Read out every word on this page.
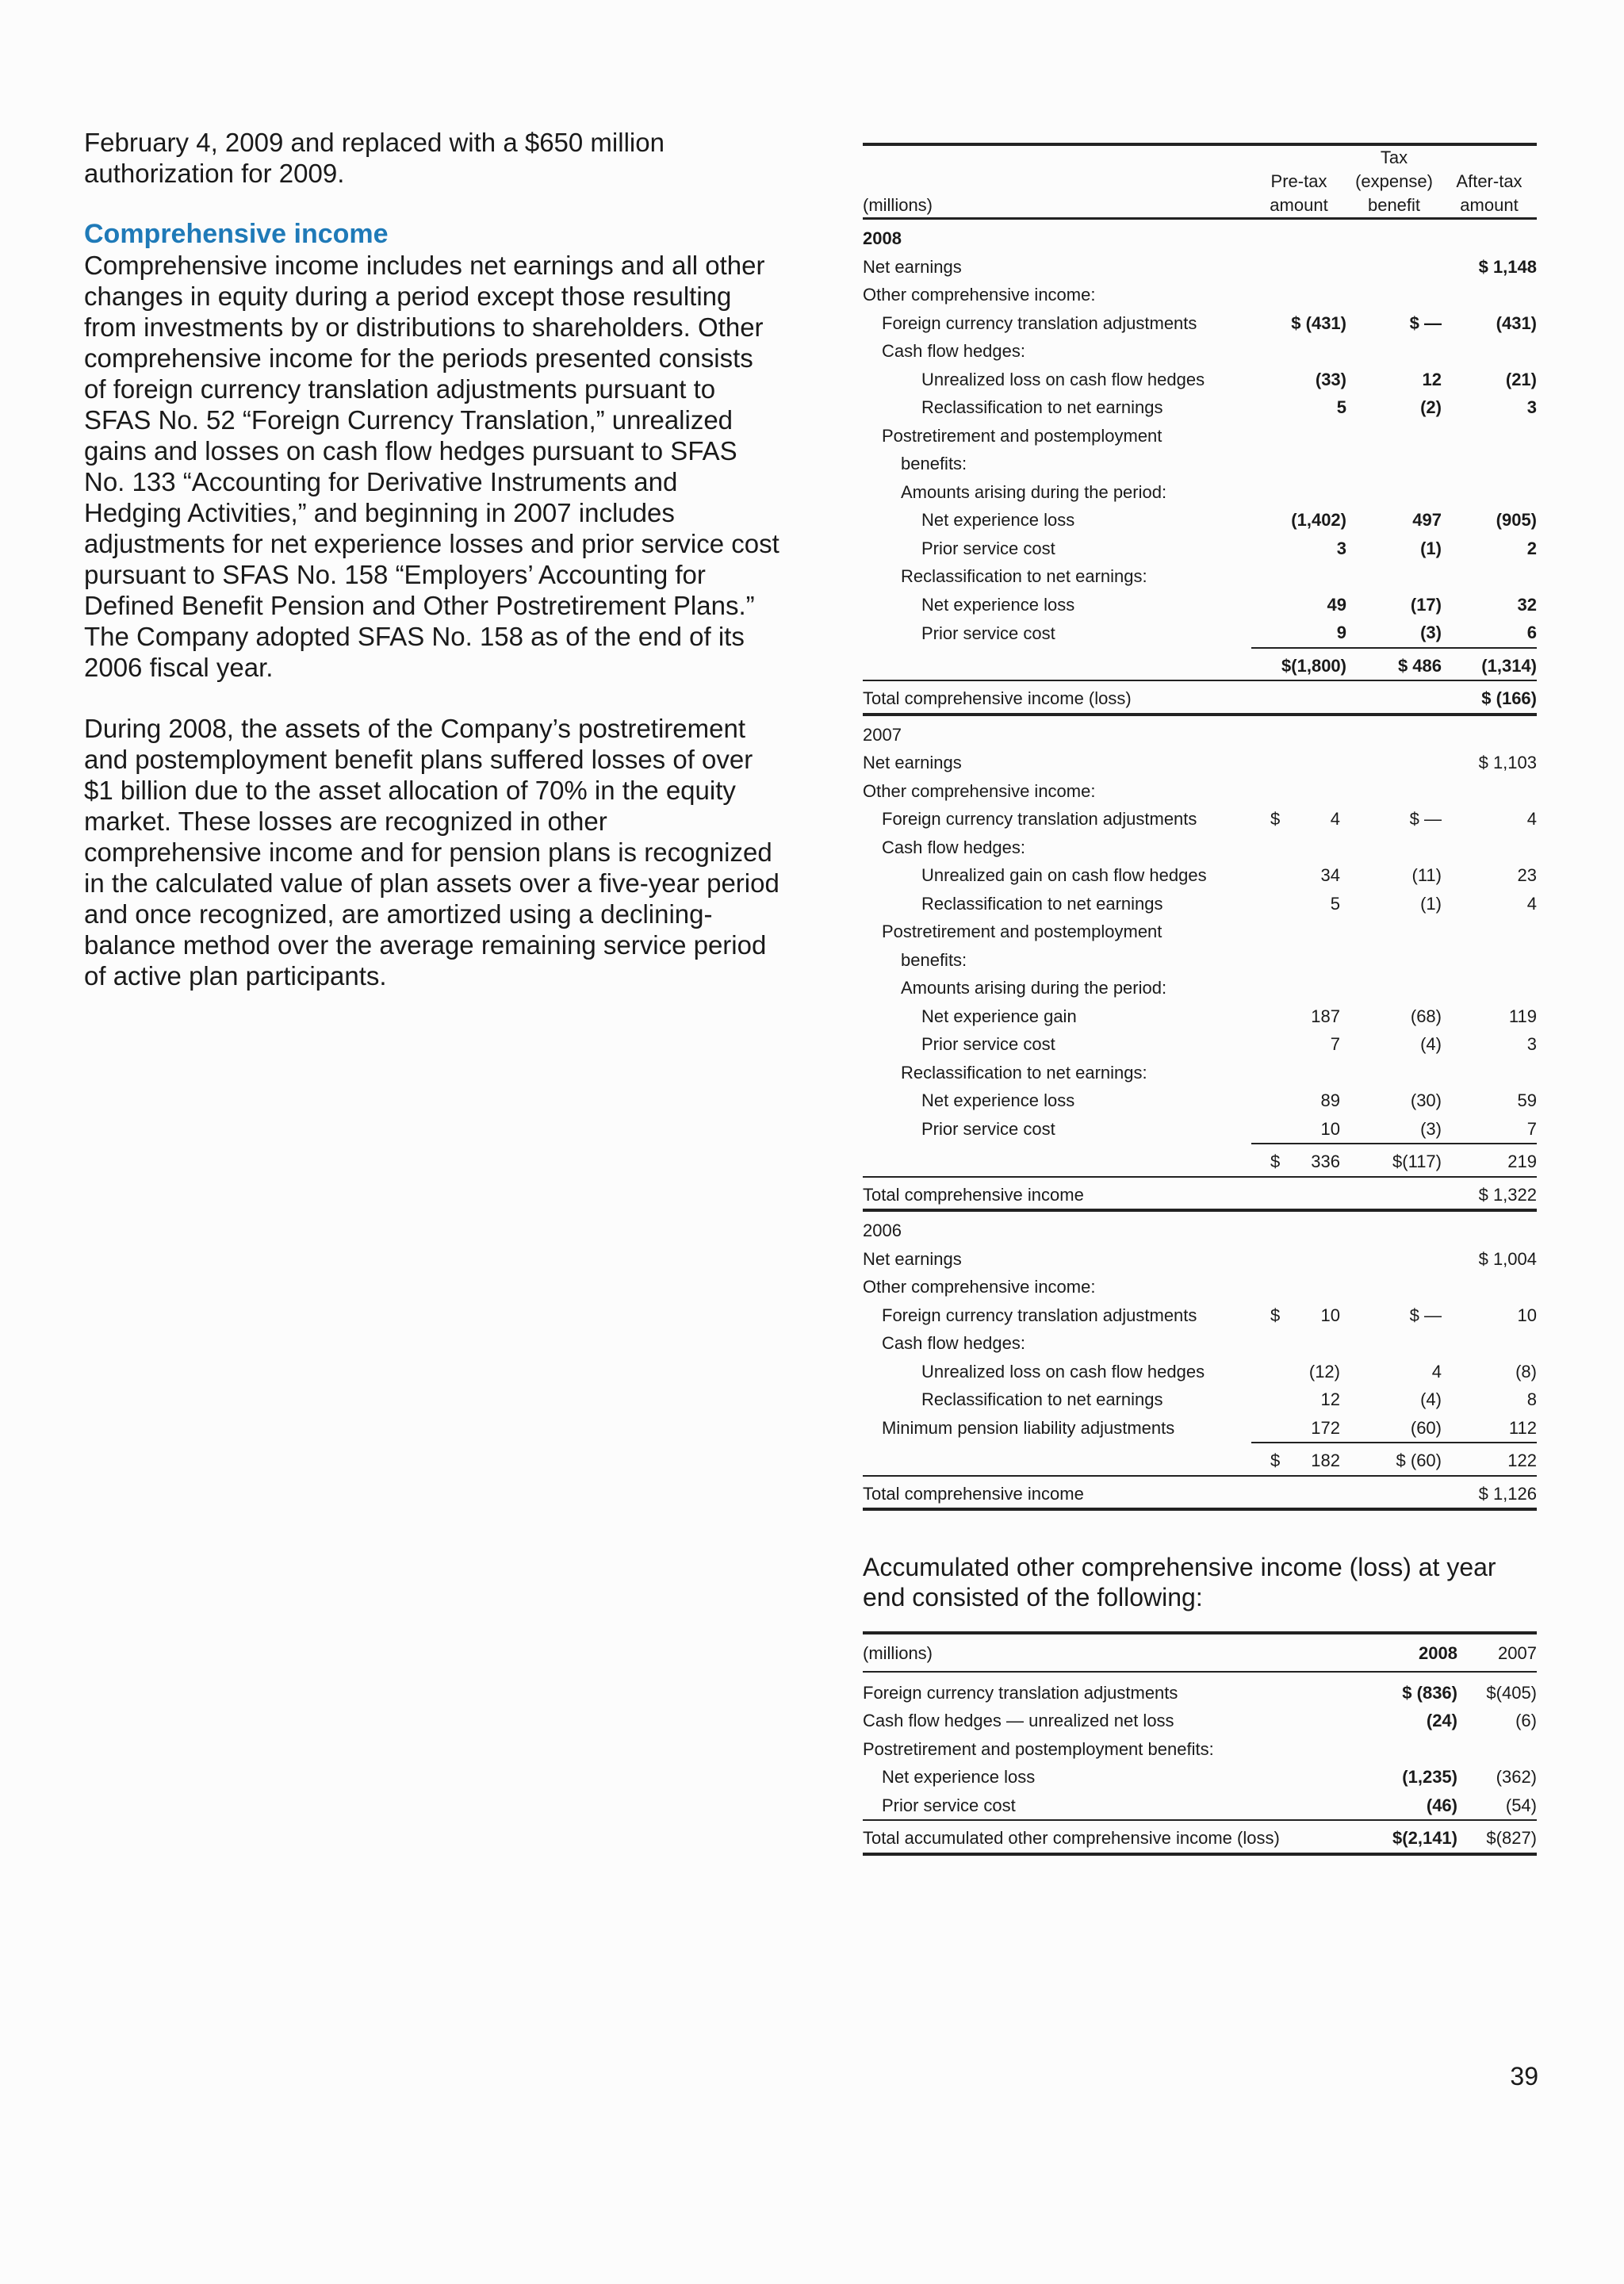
February 4, 2009 and replaced with a $650 million authorization for 2009.

Comprehensive income

Comprehensive income includes net earnings and all other changes in equity during a period except those resulting from investments by or distributions to shareholders. Other comprehensive income for the periods presented consists of foreign currency translation adjustments pursuant to SFAS No. 52 “Foreign Currency Translation,” unrealized gains and losses on cash flow hedges pursuant to SFAS No. 133 “Accounting for Derivative Instruments and Hedging Activities,” and beginning in 2007 includes adjustments for net experience losses and prior service cost pursuant to SFAS No. 158 “Employers’ Accounting for Defined Benefit Pension and Other Postretirement Plans.” The Company adopted SFAS No. 158 as of the end of its 2006 fiscal year.

During 2008, the assets of the Company’s postretirement and postemployment benefit plans suffered losses of over $1 billion due to the asset allocation of 70% in the equity market. These losses are recognized in other comprehensive income and for pension plans is recognized in the calculated value of plan assets over a five-year period and once recognized, are amortized using a declining-balance method over the average remaining service period of active plan participants.

		Tax	
	Pre-tax	(expense)	After-tax
(millions)	amount	benefit	amount
2008			
Net earnings			$ 1,148
Other comprehensive income:			
Foreign currency translation adjustments	$ (431)	$ —	(431)
Cash flow hedges:			
Unrealized loss on cash flow hedges	(33)	12	(21)
Reclassification to net earnings	5	(2)	3
Postretirement and postemployment			
benefits:			
Amounts arising during the period:			
Net experience loss	(1,402)	497	(905)
Prior service cost	3	(1)	2
Reclassification to net earnings:			
Net experience loss	49	(17)	32
Prior service cost	9	(3)	6
	$(1,800)	$ 486	(1,314)
Total comprehensive income (loss)			$ (166)
2007			
Net earnings			$ 1,103
Other comprehensive income:			
Foreign currency translation adjustments	$ 4	$ —	4
Cash flow hedges:			
Unrealized gain on cash flow hedges	34	(11)	23
Reclassification to net earnings	5	(1)	4
Postretirement and postemployment			
benefits:			
Amounts arising during the period:			
Net experience gain	187	(68)	119
Prior service cost	7	(4)	3
Reclassification to net earnings:			
Net experience loss	89	(30)	59
Prior service cost	10	(3)	7

	$ 336	$(117)	219
Total comprehensive income			$ 1,322
2006			
Net earnings			$ 1,004
Other comprehensive income:			
Foreign currency translation adjustments	$ 10	$ —	10
Cash flow hedges:			
Unrealized loss on cash flow hedges	(12)	4	(8)
Reclassification to net earnings	12	(4)	8
Minimum pension liability adjustments	172	(60)	112

	$ 182	$ (60)	122
Total comprehensive income			$ 1,126
Accumulated other comprehensive income (loss) at year end consisted of the following:
(millions)	2008	2007
Foreign currency translation adjustments	$ (836)	$(405)
Cash flow hedges — unrealized net loss	(24)	(6)
Postretirement and postemployment benefits:		
Net experience loss	(1,235)	(362)
Prior service cost	(46)	(54)
Total accumulated other comprehensive income (loss)	$(2,141)	$(827)
39
